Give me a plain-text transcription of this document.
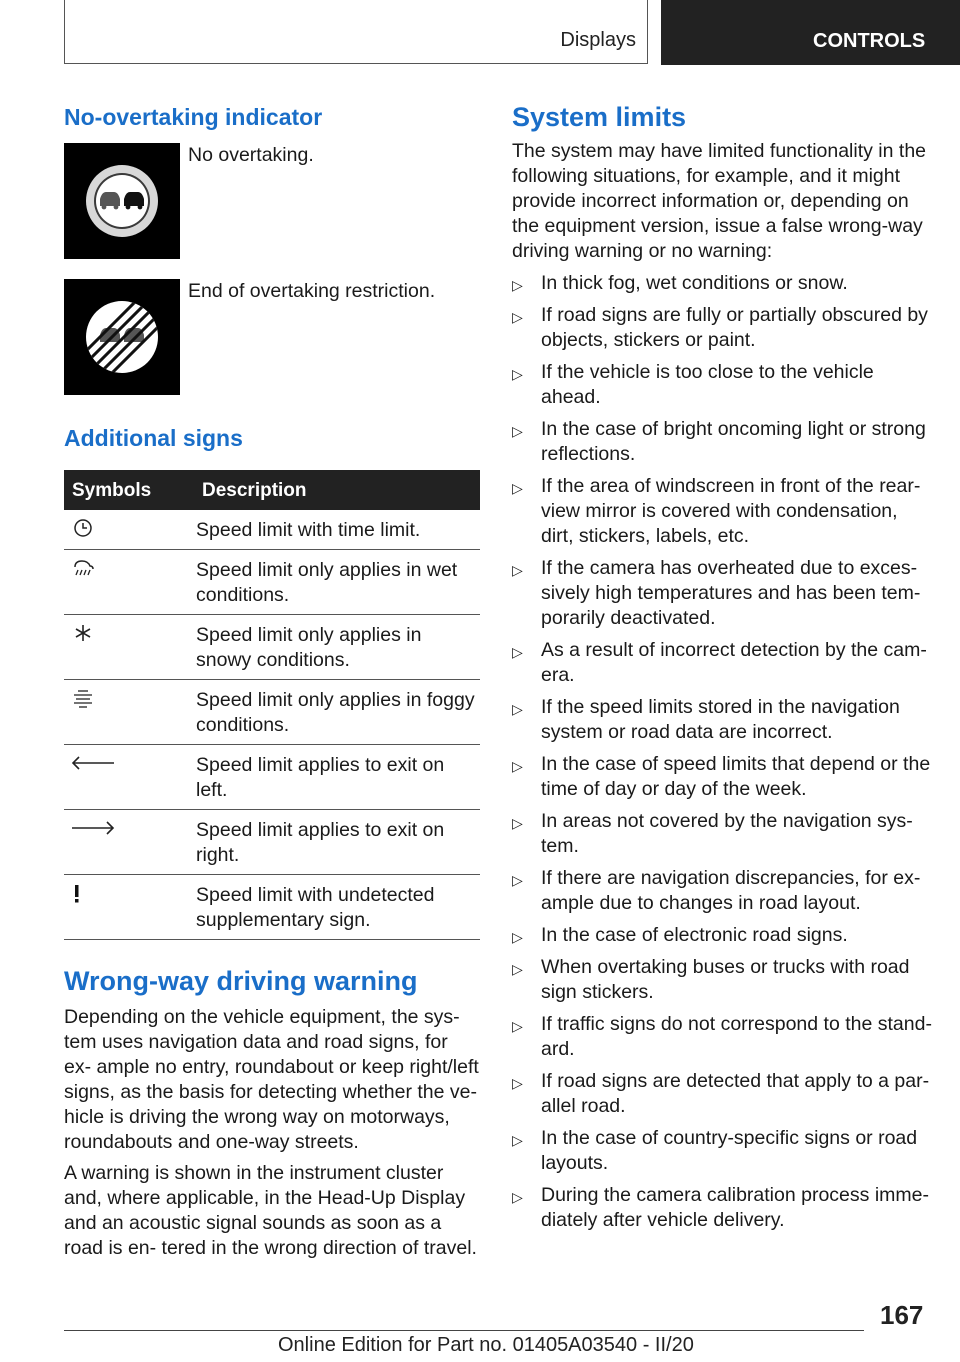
Displays	CONTROLS
No-overtaking indicator
No overtaking.
End of overtaking restriction.
Additional signs
Symbols	Description
	Speed limit with time limit.
	Speed limit only applies in wet conditions.
	Speed limit only applies in snowy conditions.
	Speed limit only applies in foggy conditions.
	Speed limit applies to exit on left.
	Speed limit applies to exit on right.
	Speed limit with undetected supplementary sign.
Wrong-way driving warning

Depending on the vehicle equipment, the sys- tem uses navigation data and road signs, for ex- ample no entry, roundabout or keep right/left signs, as the basis for detecting whether the ve- hicle is driving the wrong way on motorways, roundabouts and one-way streets.

A warning is shown in the instrument cluster and, where applicable, in the Head-Up Display and an acoustic signal sounds as soon as a road is en- tered in the wrong direction of travel.

System limits

The system may have limited functionality in the following situations, for example, and it might provide incorrect information or, depending on the equipment version, issue a false wrong-way driving warning or no warning:

▷ In thick fog, wet conditions or snow.
▷ If road signs are fully or partially obscured by objects, stickers or paint.
▷ If the vehicle is too close to the vehicle ahead.
▷ In the case of bright oncoming light or strong reflections.
▷ If the area of windscreen in front of the rear- view mirror is covered with condensation, dirt, stickers, labels, etc.
▷ If the camera has overheated due to exces- sively high temperatures and has been tem- porarily deactivated.
▷ As a result of incorrect detection by the cam- era.
▷ If the speed limits stored in the navigation system or road data are incorrect.
▷ In the case of speed limits that depend or the time of day or day of the week.
▷ In areas not covered by the navigation sys- tem.
▷ If there are navigation discrepancies, for ex- ample due to changes in road layout.
▷ In the case of electronic road signs.
▷ When overtaking buses or trucks with road sign stickers.
▷ If traffic signs do not correspond to the stand- ard.
▷ If road signs are detected that apply to a par- allel road.
▷ In the case of country-specific signs or road layouts.
▷ During the camera calibration process imme- diately after vehicle delivery.
167
Online Edition for Part no. 01405A03540 - II/20
